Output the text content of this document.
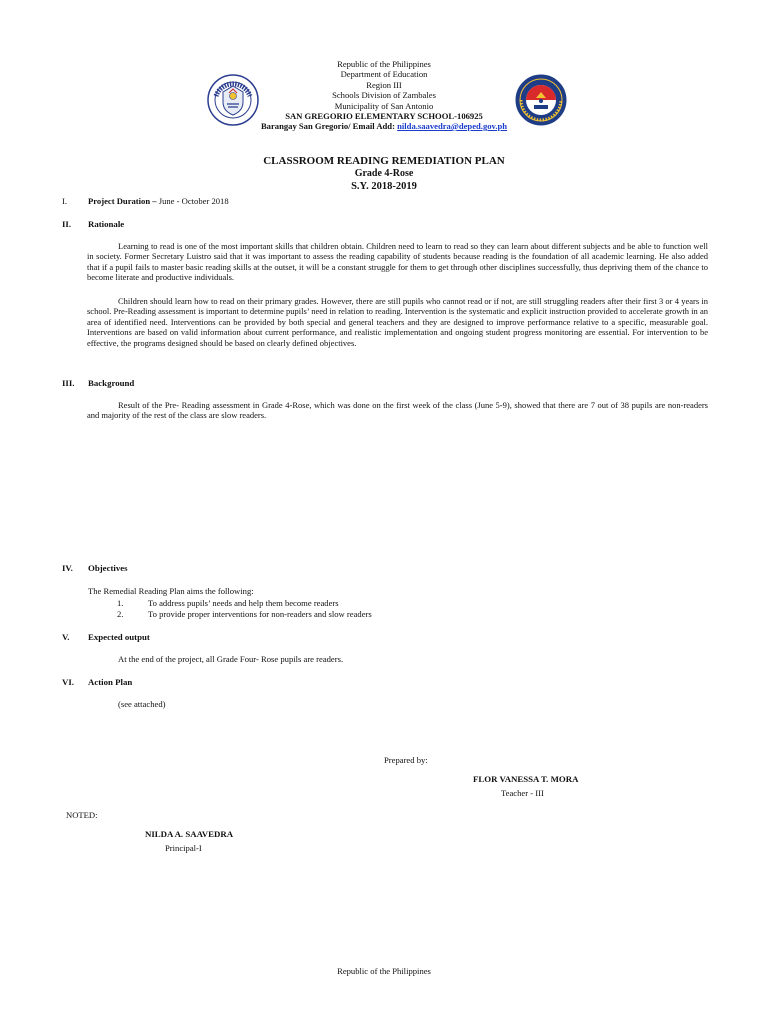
Republic of the Philippines
Department of Education
Region III
Schools Division of Zambales
Municipality of San Antonio
SAN GREGORIO ELEMENTARY SCHOOL-106925
Barangay San Gregorio/ Email Add: nilda.saavedra@deped.gov.ph
CLASSROOM READING REMEDIATION PLAN
Grade 4-Rose
S.Y. 2018-2019
I. Project Duration – June - October 2018
II. Rationale
Learning to read is one of the most important skills that children obtain. Children need to learn to read so they can learn about different subjects and be able to function well in society. Former Secretary Luistro said that it was important to assess the reading capability of students because reading is the foundation of all academic learning. He also added that if a pupil fails to master basic reading skills at the outset, it will be a constant struggle for them to get through other disciplines successfully, thus depriving them of the chance to become literate and productive individuals.
Children should learn how to read on their primary grades. However, there are still pupils who cannot read or if not, are still struggling readers after their first 3 or 4 years in school. Pre-Reading assessment is important to determine pupils’ need in relation to reading. Intervention is the systematic and explicit instruction provided to accelerate growth in an area of identified need. Interventions can be provided by both special and general teachers and they are designed to improve performance relative to a specific, measurable goal. Interventions are based on valid information about current performance, and realistic implementation and ongoing student progress monitoring are essential. For intervention to be effective, the programs designed should be based on clearly defined objectives.
III. Background
Result of the Pre- Reading assessment in Grade 4-Rose, which was done on the first week of the class (June 5-9), showed that there are 7 out of 38 pupils are non-readers and majority of the rest of the class are slow readers.
IV. Objectives
The Remedial Reading Plan aims the following:
1.	To address pupils’ needs and help them become readers
2.	To provide proper interventions for non-readers and slow readers
V. Expected output
At the end of the project, all Grade Four- Rose pupils are readers.
VI. Action Plan
(see attached)
Prepared by:
FLOR VANESSA T. MORA
Teacher - III
NOTED:
NILDA A. SAAVEDRA
Principal-I
Republic of the Philippines
